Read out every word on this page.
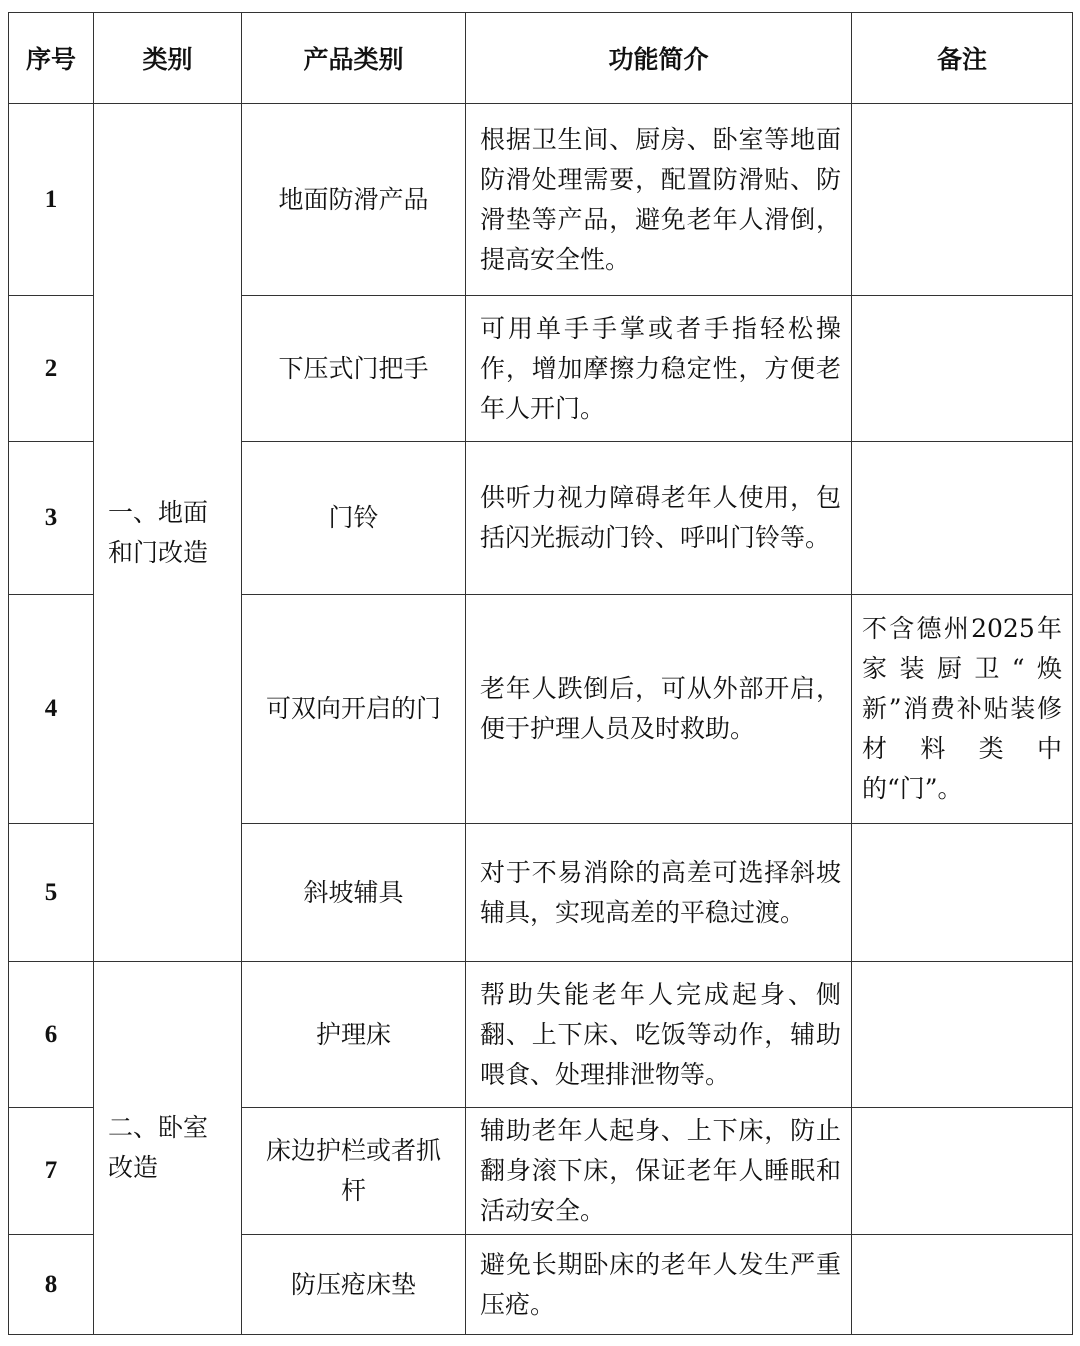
序号	类别	产品类别	功能简介	备注
1	一、地面和门改造	地面防滑产品	根据卫生间、厨房、卧室等地面防滑处理需要，配置防滑贴、防滑垫等产品，避免老年人滑倒，提高安全性。	
2		下压式门把手	可用单手手掌或者手指轻松操作，增加摩擦力稳定性，方便老年人开门。	
3		门铃	供听力视力障碍老年人使用，包括闪光振动门铃、呼叫门铃等。	
4		可双向开启的门	老年人跌倒后，可从外部开启，便于护理人员及时救助。	不含德州2025年家装厨卫“焕新”消费补贴装修材料类中的“门”。
5		斜坡辅具	对于不易消除的高差可选择斜坡辅具，实现高差的平稳过渡。	
6	二、卧室改造	护理床	帮助失能老年人完成起身、侧翻、上下床、吃饭等动作，辅助喂食、处理排泄物等。	
7		床边护栏或者抓杆	辅助老年人起身、上下床，防止翻身滚下床，保证老年人睡眠和活动安全。	
8		防压疮床垫	避免长期卧床的老年人发生严重压疮。	
